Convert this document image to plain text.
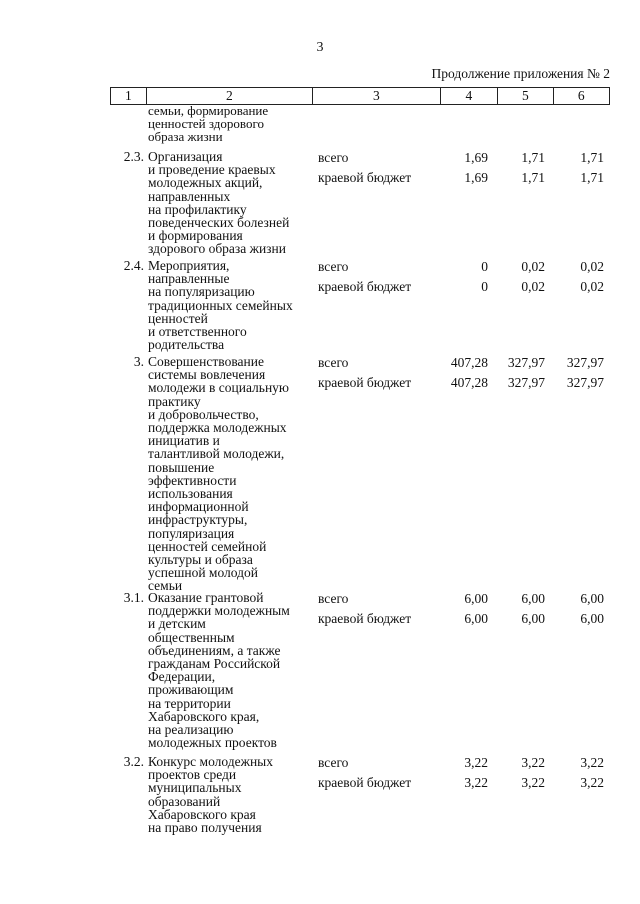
3
Продолжение приложения № 2
1	2	3	4	5	6
семьи, формирование
ценностей здорового
образа жизни
2.3. Организация
и проведение краевых
молодежных акций,
направленных
на профилактику
поведенческих болезней
и формирования
здорового образа жизни
всего	1,69	1,71	1,71
краевой бюджет	1,69	1,71	1,71
2.4. Мероприятия,
направленные
на популяризацию
традиционных семейных
ценностей
и ответственного
родительства
всего	0	0,02	0,02
краевой бюджет	0	0,02	0,02
3. Совершенствование
системы вовлечения
молодежи в социальную
практику
и добровольчество,
поддержка молодежных
инициатив и
талантливой молодежи,
повышение
эффективности
использования
информационной
инфраструктуры,
популяризация
ценностей семейной
культуры и образа
успешной молодой
семьи
всего	407,28	327,97	327,97
краевой бюджет	407,28	327,97	327,97
3.1. Оказание грантовой
поддержки молодежным
и детским
общественным
объединениям, а также
гражданам Российской
Федерации,
проживающим
на территории
Хабаровского края,
на реализацию
молодежных проектов
всего	6,00	6,00	6,00
краевой бюджет	6,00	6,00	6,00
3.2. Конкурс молодежных
проектов среди
муниципальных
образований
Хабаровского края
на право получения
всего	3,22	3,22	3,22
краевой бюджет	3,22	3,22	3,22
